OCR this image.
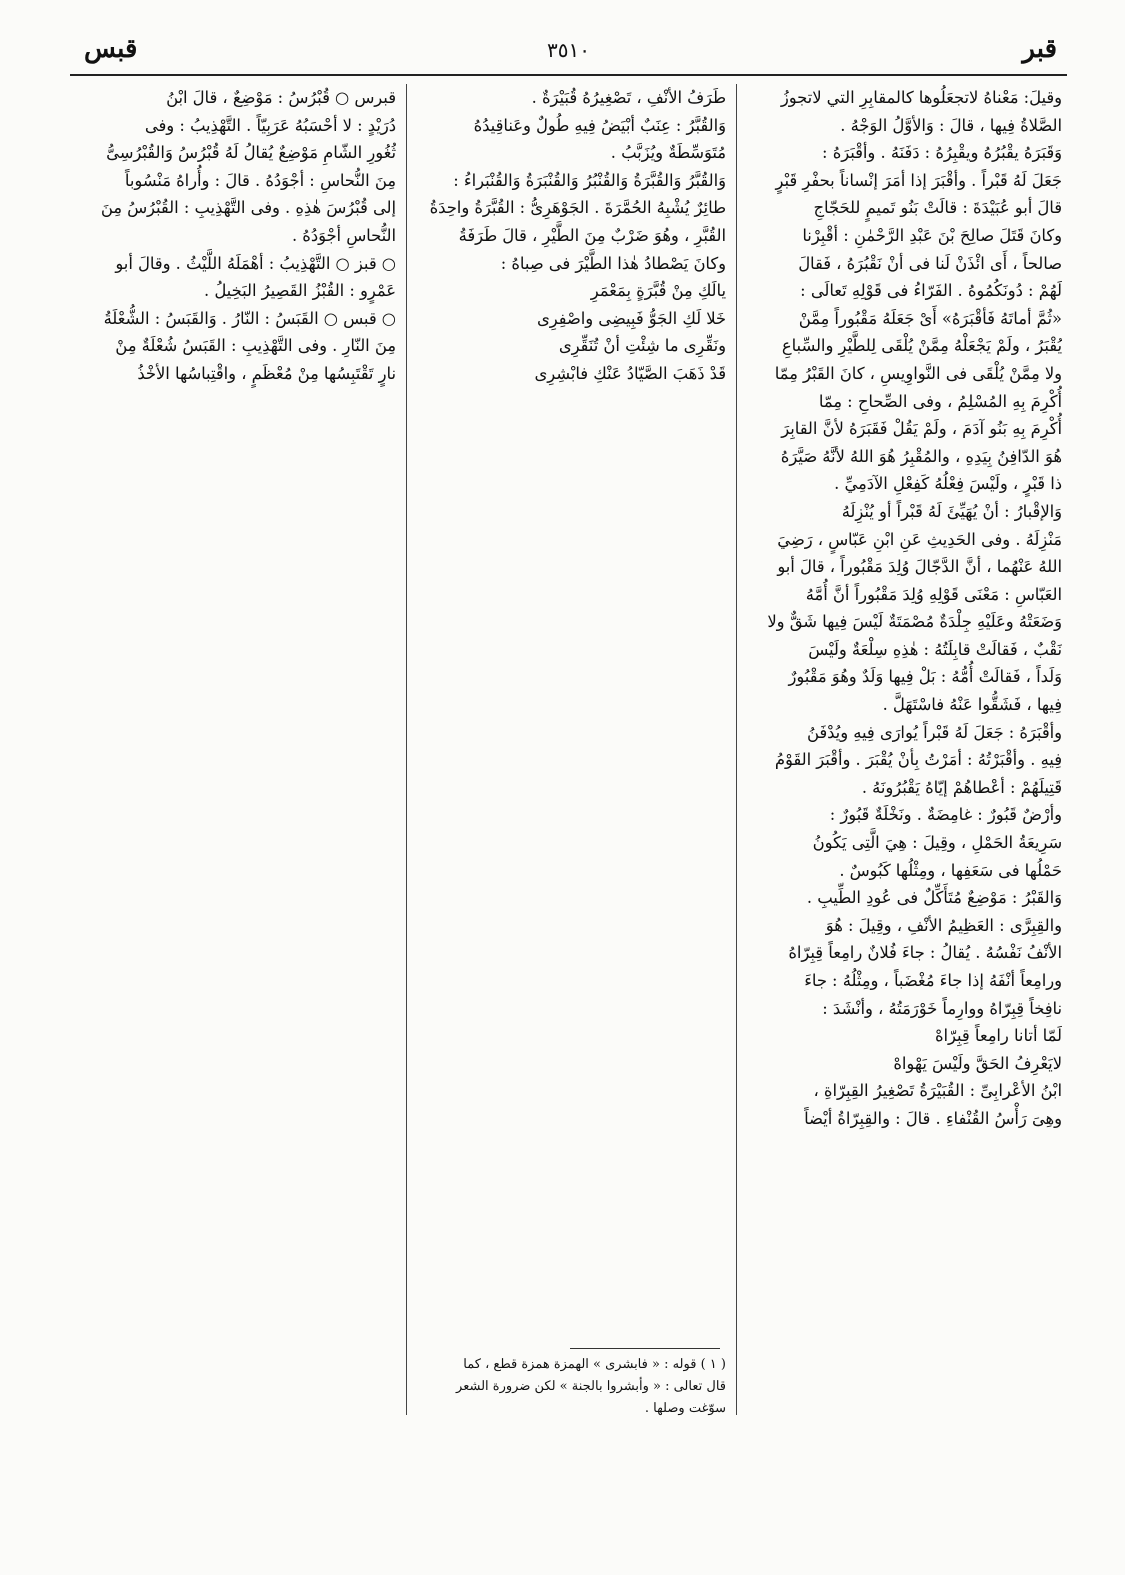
قبر
٣٥١٠
قبس

وقيلَ: مَعْناهُ لاتجعَلُوها كالمقابِرِ التي لاتجوزُ

الصَّلاةُ فِيها ، قالَ : وَالأوَّلُ الوَجْهُ .

وَقَبَرَهُ يقْبُرُهُ ويقْبِرُهُ : دَفَنَهُ . وأقْبَرَهُ :

جَعَلَ لَهُ قَبْراً . وأقْبَرَ إذا أمَرَ إنْساناً بحفْرِ قَبْرٍ

قالَ أبو عُبَيْدَةَ : قالَتْ بَنُو تَميمٍ للحَجّاجِ

وكانَ قَتَلَ صالِحَ بْنَ عَبْدِ الرَّحْمٰنِ : أقْبِرْنا

صالحاً ، أَى ائْذَنْ لَنا فى أنْ نَقْبُرَهُ ، فَقالَ

لَهُمْ : دُونَكُمُوهُ . الفَرّاءُ فى قَوْلِهِ تَعالَى :

«ثُمَّ أماتَهُ فَأقْبَرَهُ» أَىْ جَعَلَهُ مَقْبُوراً مِمَّنْ

يُقْبَرُ ، ولَمْ يَجْعَلْهُ مِمَّنْ يُلْقَى لِلطَّيْرِ والسِّباعِ

ولا مِمَّنْ يُلْقَى فى النَّواوِيسِ ، كانَ القَبْرُ مِمّا

أُكْرِمَ بِهِ المُسْلِمُ ، وفى الصِّحاحِ : مِمّا

أُكْرِمَ بِهِ بَنُو آدَمَ ، ولَمْ يَقُلْ فَقَبَرَهُ لأنَّ القابِرَ

هُوَ الدّافِنُ بِيَدِهِ ، والمُقْبِرُ هُوَ اللهُ لأنَّهُ صَيَّرَهُ

ذا قَبْرٍ ، ولَيْسَ فِعْلُهُ كَفِعْلِ الآدَمِيِّ .

وَالإقْبارُ : أنْ يُهَيِّئَ لَهُ قَبْراً أو يُنْزِلَهُ

مَنْزِلَهُ . وفى الحَدِيثِ عَنِ ابْنِ عَبّاسٍ ، رَضِيَ

اللهُ عَنْهُما ، أنَّ الدَّجّالَ وُلِدَ مَقْبُوراً ، قالَ أبو

العَبّاسِ : مَعْنَى قَوْلِهِ وُلِدَ مَقْبُوراً أنَّ أُمَّهُ

وَضَعَتْهُ وعَلَيْهِ جِلْدَةٌ مُصْمَتَةٌ لَيْسَ فِيها شَقٌّ ولا

نَقْبٌ ، فَقالَتْ قابِلَتُهُ : هٰذِهِ سِلْعَةٌ ولَيْسَ

وَلَداً ، فَقالَتْ أُمُّهُ : بَلْ فِيها وَلَدٌ وهُوَ مَقْبُورٌ

فِيها ، فَشَقُّوا عَنْهُ فاسْتَهَلَّ .

وأقْبَرَهُ : جَعَلَ لَهُ قَبْراً يُوارَى فِيهِ ويُدْفَنُ

فِيهِ . وأقْبَرْتُهُ : أمَرْتُ بِأنْ يُقْبَرَ . وأقْبَرَ القَوْمُ

قَتِيلَهُمْ : أعْطاهُمْ إيّاهُ يَقْبُرُونَهُ .

وأرْضٌ قَبُورٌ : غامِضَةٌ . ونَخْلَةٌ قَبُورٌ :

سَرِيعَةُ الحَمْلِ ، وقِيلَ : هِيَ الَّتِى يَكُونُ

حَمْلُها فى سَعَفِها ، ومِثْلُها كَبُوسٌ .

وَالقَبْرُ : مَوْضِعٌ مُتَأَكِّلٌ فى عُودِ الطِّيبِ .

والقِبِرَّى : العَظِيمُ الأنْفِ ، وقِيلَ : هُوَ

الأنْفُ نَفْسُهُ . يُقالُ : جاءَ فُلانٌ رامِعاً قِبِرّاهُ

ورامِعاً أنْفَهُ إذا جاءَ مُغْضَباً ، ومِثْلُهُ : جاءَ

نافِخاً قِبِرّاهُ ووارِماً خَوْرَمَتُهُ ، وأنْشَدَ :

لَمّا أتانا رامِعاً قِبِرّاهْ

لايَعْرِفُ الحَقَّ ولَيْسَ يَهْواهْ

ابْنُ الأعْرابِىِّ : القُبَيْرَةُ تَصْغِيرُ القِبِرّاةِ ،

وهِىَ رَأْسُ القُنْفاءِ . قالَ : والقِبِرّاةُ أيْضاً

طَرَفُ الأنْفِ ، تَصْغِيرُهُ قُبَيْرَةٌ .

وَالقُبَّرُ : عِنَبٌ أبْيَضُ فِيهِ طُولٌ وعَناقِيدُهُ

مُتَوَسِّطَةٌ ويُزَبَّبُ .

وَالقُبَّرُ وَالقُبَّرَةُ وَالقُنْبُرُ وَالقُنْبَرَةُ وَالقُنْبَراءُ :

طائِرٌ يُشْبِهُ الحُمَّرَةَ . الجَوْهَرِىُّ : القُبَّرَةُ واحِدَةُ

القُبَّرِ ، وهُوَ ضَرْبٌ مِنَ الطَّيْرِ ، قالَ طَرَفَةُ

وكانَ يَصْطادُ هٰذا الطَّيْرَ فى صِباهُ :

يالَكِ مِنْ قُبَّرَةٍ بِمَعْمَرِ

خَلا لَكِ الجَوُّ فَبِيضِى واصْفِرِى

ونَقِّرِى ما شِئْتِ أنْ تُنَقِّرِى

قَدْ ذَهَبَ الصَّيّادُ عَنْكِ فابْشِرِى

قبرس ○ قُبْرُسُ : مَوْضِعٌ ، قالَ ابْنُ

دُرَيْدٍ : لا أحْسَبُهُ عَرَبِيّاً . التَّهْذِيبُ : وفى

ثُغُورِ الشّامِ مَوْضِعٌ يُقالُ لَهُ قُبْرُسُ وَالقُبْرُسِىُّ

مِنَ النُّحاسِ : أجْوَدُهُ . قالَ : وأُراهُ مَنْسُوباً

إلى قُبْرُسَ هٰذِهِ . وفى التَّهْذِيبِ : القُبْرُسُ مِنَ

النُّحاسِ أجْوَدُهُ .

○ قبز ○ التَّهْذِيبُ : أهْمَلَهُ اللَّيْثُ . وقالَ أبو

عَمْرٍو : القُبْزُ القَصِيرُ البَخِيلُ .

○ قبس ○ القَبَسُ : النّارُ . وَالقَبَسُ : الشُّعْلَةُ

مِنَ النّارِ . وفى التَّهْذِيبِ : القَبَسُ شُعْلَةٌ مِنْ

نارٍ تَقْتَبِسُها مِنْ مُعْظَمٍ ، واقْتِباسُها الأخْذُ

( ١ ) قوله : « فابشرى » الهمزة همزة قطع ، كما
قال تعالى : « وأبشروا بالجنة » لكن ضرورة الشعر
سوّغت وصلها .
